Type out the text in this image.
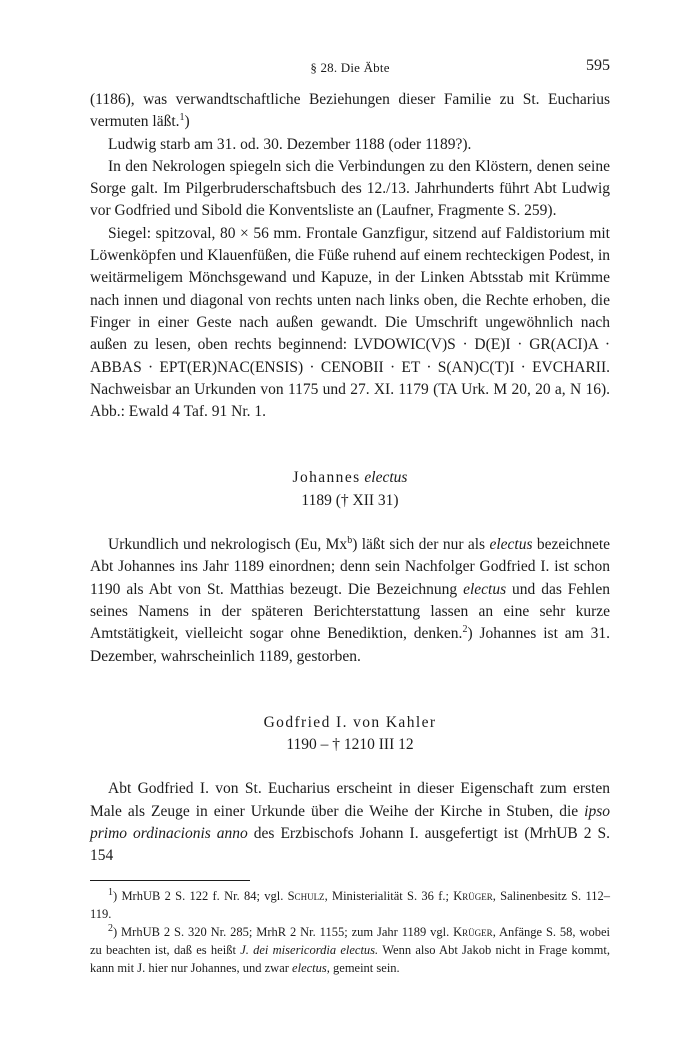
§ 28. Die Äbte	595

(1186), was verwandtschaftliche Beziehungen dieser Familie zu St. Eucharius vermuten läßt.$^1$)

Ludwig starb am 31. od. 30. Dezember 1188 (oder 1189?).

In den Nekrologen spiegeln sich die Verbindungen zu den Klöstern, denen seine Sorge galt. Im Pilgerbruderschaftsbuch des 12./13. Jahrhunderts führt Abt Ludwig vor Godfried und Sibold die Konventsliste an (Laufner, Fragmente S. 259).

Siegel: spitzoval, 80 × 56 mm. Frontale Ganzfigur, sitzend auf Faldistorium mit Löwenköpfen und Klauenfüßen, die Füße ruhend auf einem rechteckigen Podest, in weitärmeligem Mönchsgewand und Kapuze, in der Linken Abtsstab mit Krümme nach innen und diagonal von rechts unten nach links oben, die Rechte erhoben, die Finger in einer Geste nach außen gewandt. Die Umschrift ungewöhnlich nach außen zu lesen, oben rechts beginnend: LVDOWIC(V)S · D(E)I · GR(ACI)A · ABBAS · EPT(ER)NAC(ENSIS) · CENOBII · ET · S(AN)C(T)I · EVCHARII. Nachweisbar an Urkunden von 1175 und 27. XI. 1179 (TA Urk. M 20, 20 a, N 16). Abb.: Ewald 4 Taf. 91 Nr. 1.

Johannes electus

1189 († XII 31)

Urkundlich und nekrologisch (Eu, Mx$^b$) läßt sich der nur als electus bezeichnete Abt Johannes ins Jahr 1189 einordnen; denn sein Nachfolger Godfried I. ist schon 1190 als Abt von St. Matthias bezeugt. Die Bezeichnung electus und das Fehlen seines Namens in der späteren Berichterstattung lassen an eine sehr kurze Amtstätigkeit, vielleicht sogar ohne Benediktion, denken.$^2$) Johannes ist am 31. Dezember, wahrscheinlich 1189, gestorben.

Godfried I. von Kahler

1190 – † 1210 III 12

Abt Godfried I. von St. Eucharius erscheint in dieser Eigenschaft zum ersten Male als Zeuge in einer Urkunde über die Weihe der Kirche in Stuben, die ipso primo ordinacionis anno des Erzbischofs Johann I. ausgefertigt ist (MrhUB 2 S. 154

$^1$) MrhUB 2 S. 122 f. Nr. 84; vgl. Schulz, Ministerialität S. 36 f.; Krüger, Salinenbesitz S. 112–119.

$^2$) MrhUB 2 S. 320 Nr. 285; MrhR 2 Nr. 1155; zum Jahr 1189 vgl. Krüger, Anfänge S. 58, wobei zu beachten ist, daß es heißt J. dei misericordia electus. Wenn also Abt Jakob nicht in Frage kommt, kann mit J. hier nur Johannes, und zwar electus, gemeint sein.
